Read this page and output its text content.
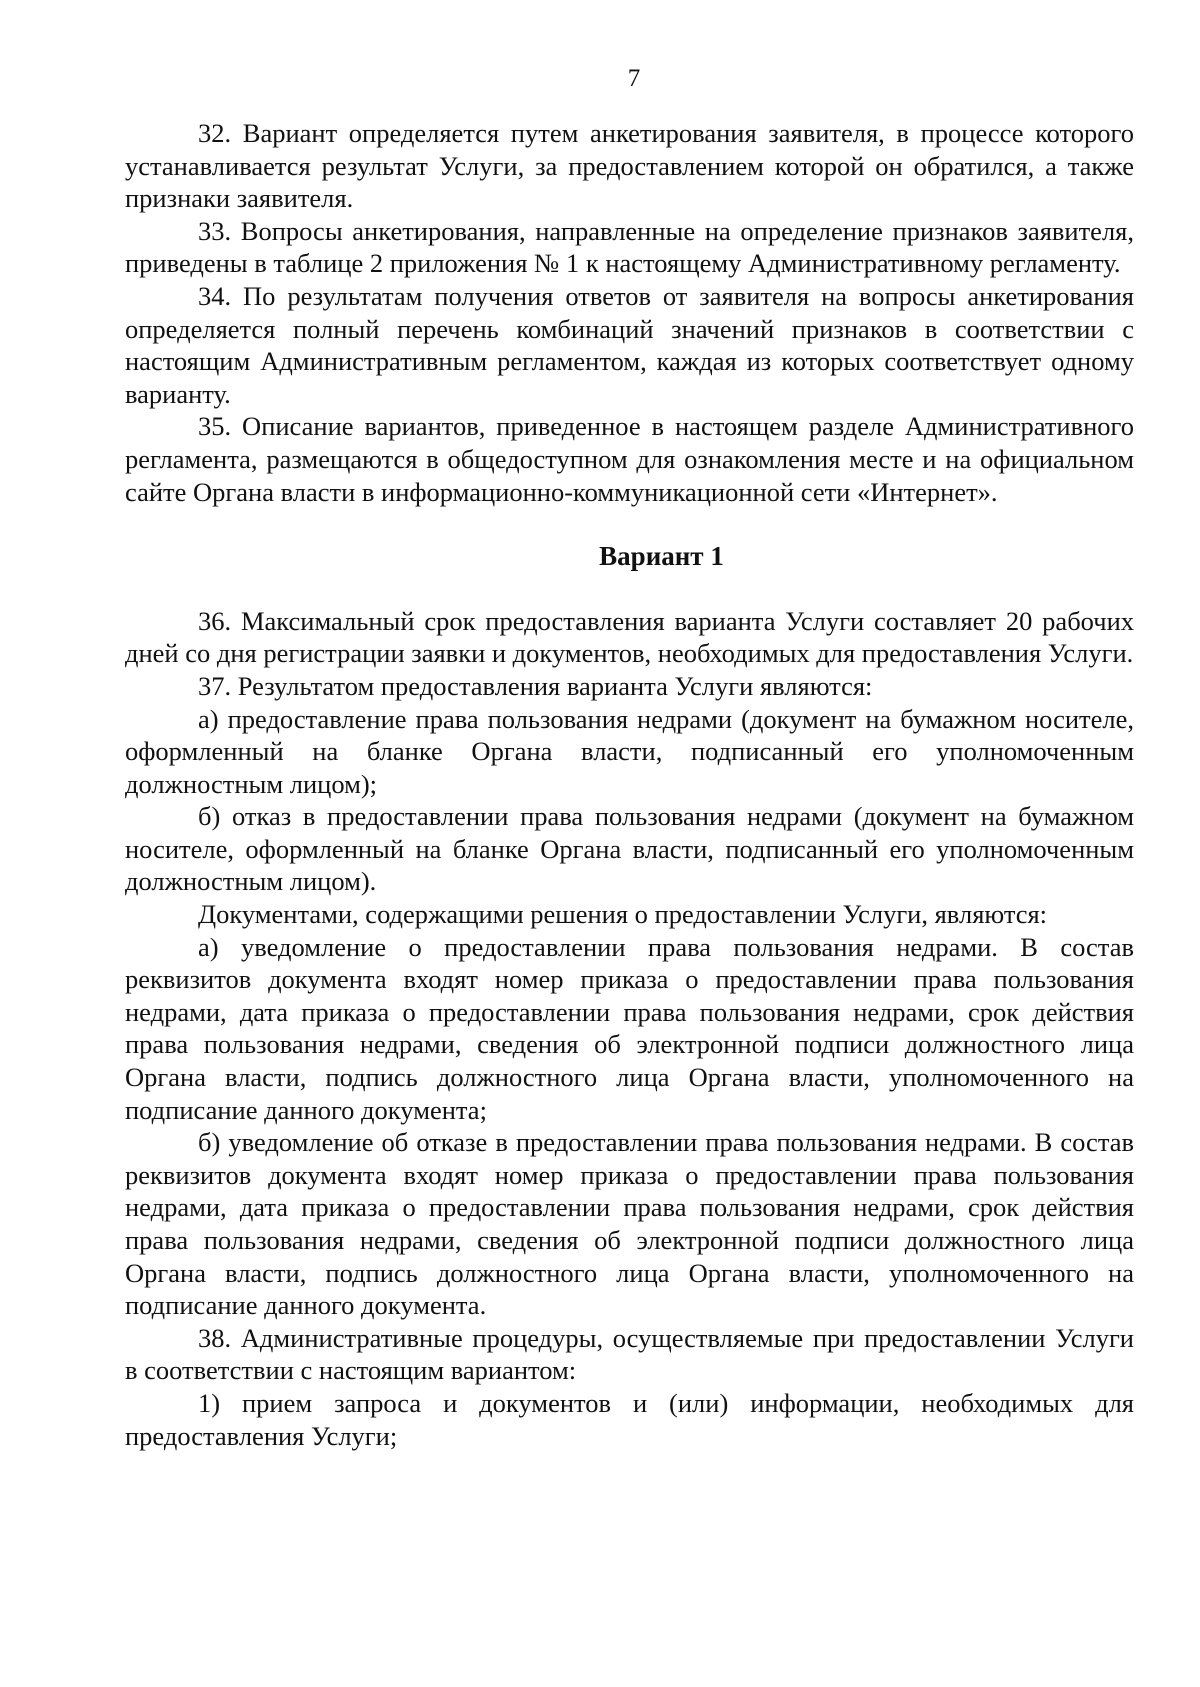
7

32. Вариант определяется путем анкетирования заявителя, в процессе которого устанавливается результат Услуги, за предоставлением которой он обратился, а также признаки заявителя.

33. Вопросы анкетирования, направленные на определение признаков заявителя, приведены в таблице 2 приложения № 1 к настоящему Административному регламенту.

34. По результатам получения ответов от заявителя на вопросы анкетирования определяется полный перечень комбинаций значений признаков в соответствии с настоящим Административным регламентом, каждая из которых соответствует одному варианту.

35. Описание вариантов, приведенное в настоящем разделе Административного регламента, размещаются в общедоступном для ознакомления месте и на официальном сайте Органа власти в информационно-коммуникационной сети «Интернет».

Вариант 1

36. Максимальный срок предоставления варианта Услуги составляет 20 рабочих дней со дня регистрации заявки и документов, необходимых для предоставления Услуги.

37. Результатом предоставления варианта Услуги являются:

а) предоставление права пользования недрами (документ на бумажном носителе, оформленный на бланке Органа власти, подписанный его уполномоченным должностным лицом);

б) отказ в предоставлении права пользования недрами (документ на бумажном носителе, оформленный на бланке Органа власти, подписанный его уполномоченным должностным лицом).

Документами, содержащими решения о предоставлении Услуги, являются:

а) уведомление о предоставлении права пользования недрами. В состав реквизитов документа входят номер приказа о предоставлении права пользования недрами, дата приказа о предоставлении права пользования недрами, срок действия права пользования недрами, сведения об электронной подписи должностного лица Органа власти, подпись должностного лица Органа власти, уполномоченного на подписание данного документа;

б) уведомление об отказе в предоставлении права пользования недрами. В состав реквизитов документа входят номер приказа о предоставлении права пользования недрами, дата приказа о предоставлении права пользования недрами, срок действия права пользования недрами, сведения об электронной подписи должностного лица Органа власти, подпись должностного лица Органа власти, уполномоченного на подписание данного документа.

38. Административные процедуры, осуществляемые при предоставлении Услуги в соответствии с настоящим вариантом:

1) прием запроса и документов и (или) информации, необходимых для предоставления Услуги;
